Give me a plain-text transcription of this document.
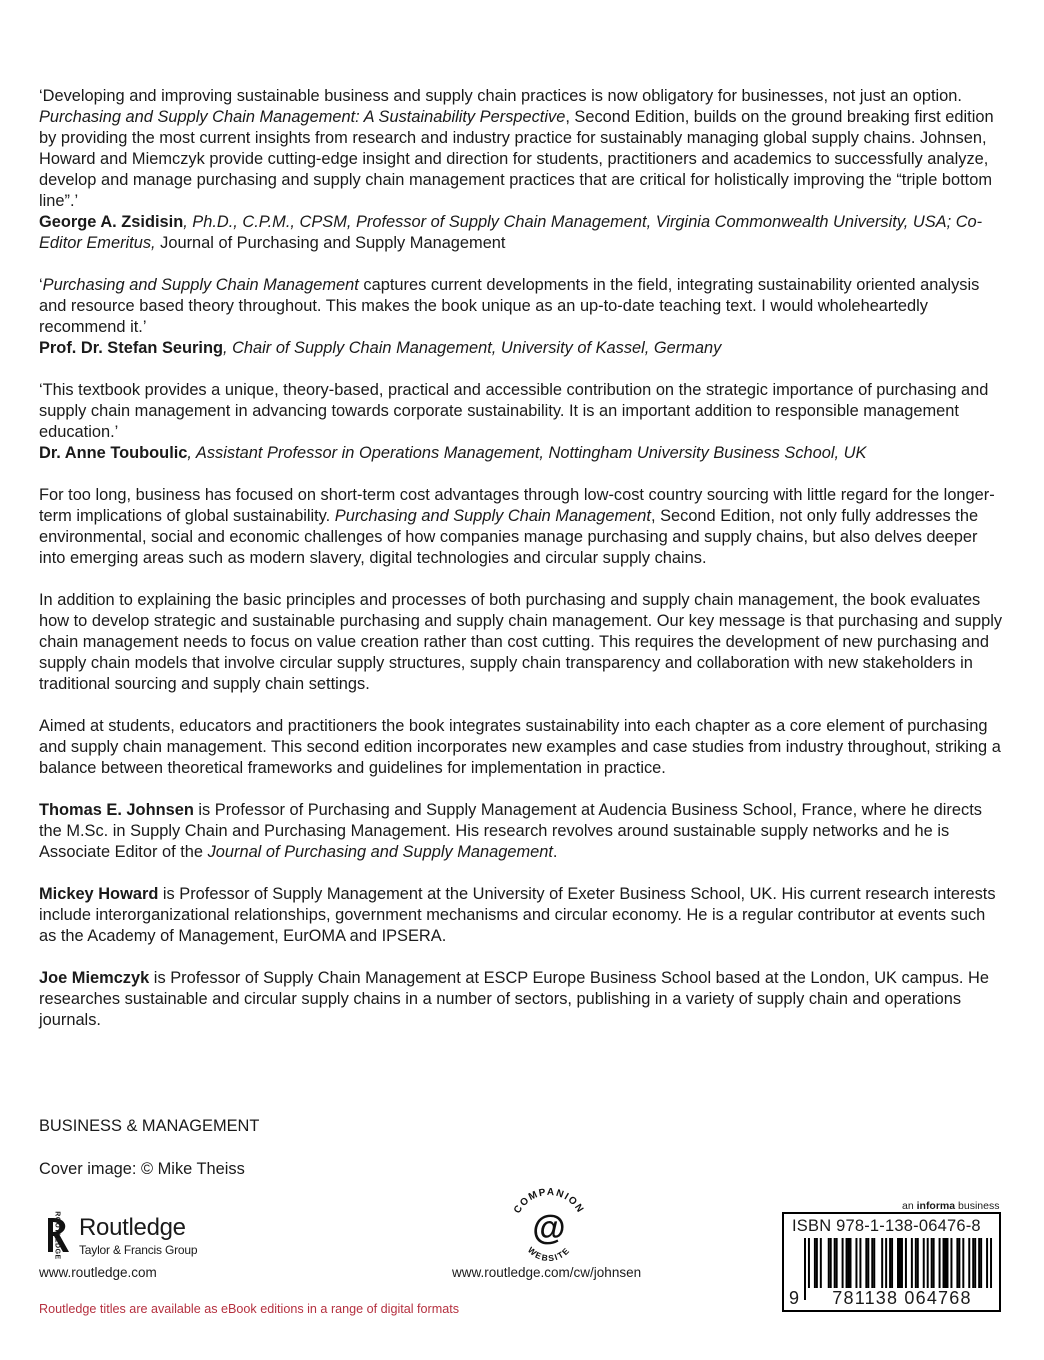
‘Developing and improving sustainable business and supply chain practices is now obligatory for businesses, not just an option. Purchasing and Supply Chain Management: A Sustainability Perspective, Second Edition, builds on the ground breaking first edition by providing the most current insights from research and industry practice for sustainably managing global supply chains. Johnsen, Howard and Miemczyk provide cutting-edge insight and direction for students, practitioners and academics to successfully analyze, develop and manage purchasing and supply chain management practices that are critical for holistically improving the “triple bottom line”.’
George A. Zsidisin, Ph.D., C.P.M., CPSM, Professor of Supply Chain Management, Virginia Commonwealth University, USA; Co-Editor Emeritus, Journal of Purchasing and Supply Management

‘Purchasing and Supply Chain Management captures current developments in the field, integrating sustainability oriented analysis and resource based theory throughout. This makes the book unique as an up-to-date teaching text. I would wholeheartedly recommend it.’
Prof. Dr. Stefan Seuring, Chair of Supply Chain Management, University of Kassel, Germany

‘This textbook provides a unique, theory-based, practical and accessible contribution on the strategic importance of purchasing and supply chain management in advancing towards corporate sustainability. It is an important addition to responsible management education.’
Dr. Anne Touboulic, Assistant Professor in Operations Management, Nottingham University Business School, UK

For too long, business has focused on short-term cost advantages through low-cost country sourcing with little regard for the longer-term implications of global sustainability. Purchasing and Supply Chain Management, Second Edition, not only fully addresses the environmental, social and economic challenges of how companies manage purchasing and supply chains, but also delves deeper into emerging areas such as modern slavery, digital technologies and circular supply chains.

In addition to explaining the basic principles and processes of both purchasing and supply chain management, the book evaluates how to develop strategic and sustainable purchasing and supply chain management. Our key message is that purchasing and supply chain management needs to focus on value creation rather than cost cutting. This requires the development of new purchasing and supply chain models that involve circular supply structures, supply chain transparency and collaboration with new stakeholders in traditional sourcing and supply chain settings.

Aimed at students, educators and practitioners the book integrates sustainability into each chapter as a core element of purchasing and supply chain management. This second edition incorporates new examples and case studies from industry throughout, striking a balance between theoretical frameworks and guidelines for implementation in practice.

Thomas E. Johnsen is Professor of Purchasing and Supply Management at Audencia Business School, France, where he directs the M.Sc. in Supply Chain and Purchasing Management. His research revolves around sustainable supply networks and he is Associate Editor of the Journal of Purchasing and Supply Management.

Mickey Howard is Professor of Supply Management at the University of Exeter Business School, UK. His current research interests include interorganizational relationships, government mechanisms and circular economy. He is a regular contributor at events such as the Academy of Management, EurOMA and IPSERA.

Joe Miemczyk is Professor of Supply Chain Management at ESCP Europe Business School based at the London, UK campus. He researches sustainable and circular supply chains in a number of sectors, publishing in a variety of supply chain and operations journals.

BUSINESS & MANAGEMENT
Cover image: © Mike Theiss
ROUTLEDGE Routledge
Taylor & Francis Group
www.routledge.com
COMPANION
@
WEBSITE
www.routledge.com/cw/johnsen
Routledge titles are available as eBook editions in a range of digital formats
an informa business
ISBN 978-1-138-06476-8
9	781138 064768
